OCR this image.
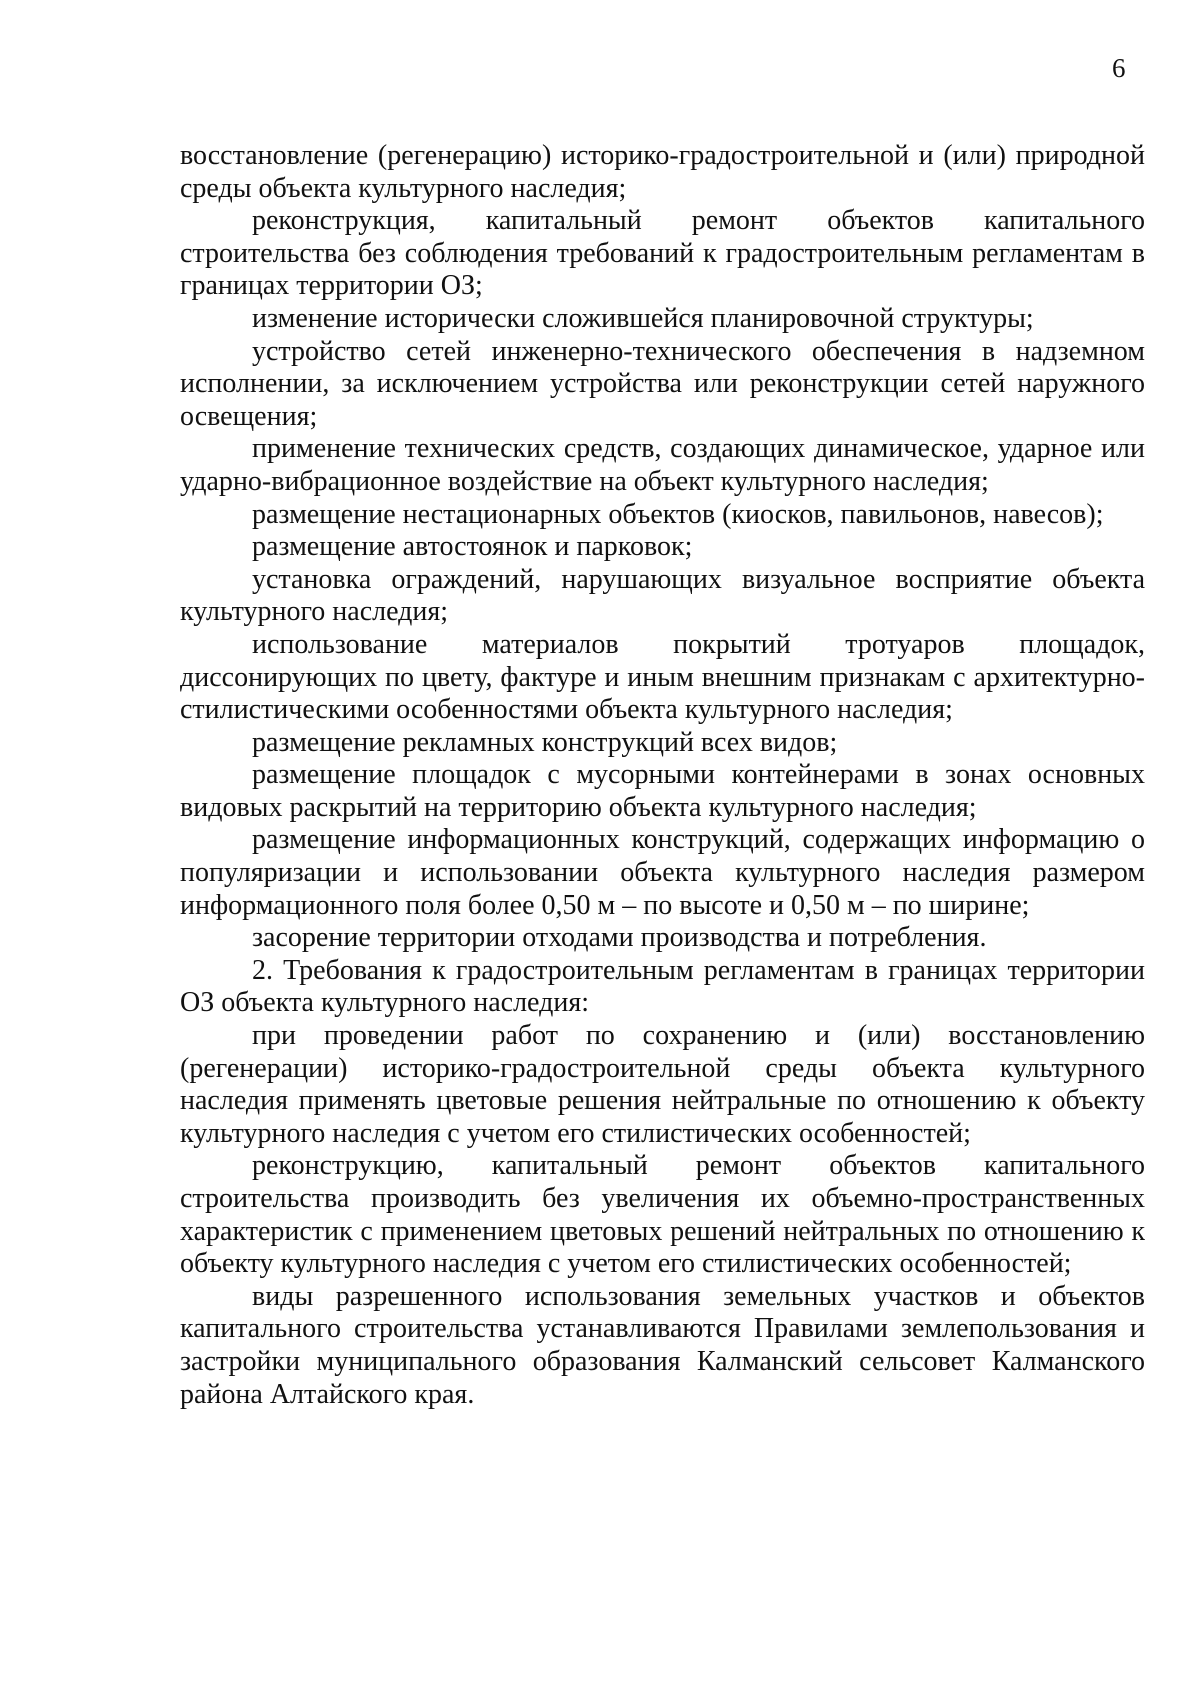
6

восстановление (регенерацию) историко-градостроительной и (или) природной среды объекта культурного наследия;

реконструкция, капитальный ремонт объектов капитального строительства без соблюдения требований к градостроительным регламентам в границах территории ОЗ;

изменение исторически сложившейся планировочной структуры;

устройство сетей инженерно-технического обеспечения в надземном исполнении, за исключением устройства или реконструкции сетей наружного освещения;

применение технических средств, создающих динамическое, ударное или ударно-вибрационное воздействие на объект культурного наследия;

размещение нестационарных объектов (киосков, павильонов, навесов);

размещение автостоянок и парковок;

установка ограждений, нарушающих визуальное восприятие объекта культурного наследия;

использование материалов покрытий тротуаров площадок, диссонирующих по цвету, фактуре и иным внешним признакам с архитектурно-стилистическими особенностями объекта культурного наследия;

размещение рекламных конструкций всех видов;

размещение площадок с мусорными контейнерами в зонах основных видовых раскрытий на территорию объекта культурного наследия;

размещение информационных конструкций, содержащих информацию о популяризации и использовании объекта культурного наследия размером информационного поля более 0,50 м – по высоте и 0,50 м – по ширине;

засорение территории отходами производства и потребления.

2. Требования к градостроительным регламентам в границах территории ОЗ объекта культурного наследия:

при проведении работ по сохранению и (или) восстановлению (регенерации) историко-градостроительной среды объекта культурного наследия применять цветовые решения нейтральные по отношению к объекту культурного наследия с учетом его стилистических особенностей;

реконструкцию, капитальный ремонт объектов капитального строительства производить без увеличения их объемно-пространственных характеристик с применением цветовых решений нейтральных по отношению к объекту культурного наследия с учетом его стилистических особенностей;

виды разрешенного использования земельных участков и объектов капитального строительства устанавливаются Правилами землепользования и застройки муниципального образования Калманский сельсовет Калманского района Алтайского края.
